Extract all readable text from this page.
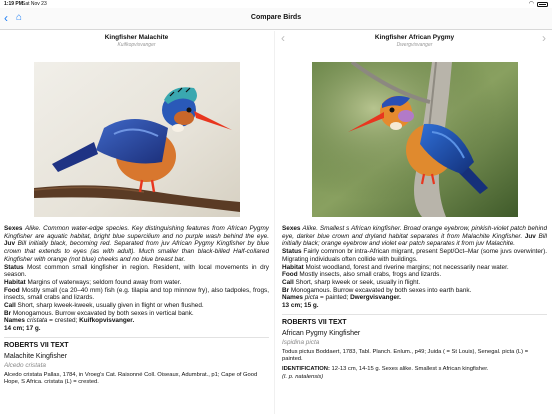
1:19 PM Sat Nov 23	◠
‹ ⌂	Compare Birds
‹	›
Kingfisher Malachite
Kuifkopvisvanger
Sexes Alike. Common water-edge species. Key distinguishing features from African Pygmy Kingfisher are aquatic habitat, bright blue supercilium and no purple wash behind the eye. Juv Bill initially black, becoming red. Separated from juv African Pygmy Kingfisher by blue crown that extends to eyes (as with adult). Much smaller than black-billed Half-collared Kingfisher with orange (not blue) cheeks and no blue breast bar.
Status Most common small kingfisher in region. Resident, with local movements in dry season.
Habitat Margins of waterways; seldom found away from water.
Food Mostly small (ca 20–40 mm) fish (e.g. tilapia and top minnow fry), also tadpoles, frogs, insects, small crabs and lizards.
Call Short, sharp kweek-kweek, usually given in flight or when flushed.
Br Monogamous. Burrow excavated by both sexes in vertical bank.
Names cristata = crested; Kuifkopvisvanger.
14 cm; 17 g.
ROBERTS VII TEXT
Malachite Kingfisher
Alcedo cristata
Alcedo cristata Pallas, 1784, in Vroeg's Cat. Raisonné Coll. Oiseaux, Adumbrat., p1; Cape of Good Hope, S Africa. cristata (L) = crested.
Kingfisher African Pygmy
Dwergvisvanger
Sexes Alike. Smallest s African kingfisher. Broad orange eyebrow, pinkish-violet patch behind eye, darker blue crown and dryland habitat separates it from Malachite Kingfisher. Juv Bill initially black; orange eyebrow and violet ear patch separates it from juv Malachite.
Status Fairly common br intra-African migrant, present Sept/Oct–Mar (some juvs overwinter). Migrating individuals often collide with buildings.
Habitat Moist woodland, forest and riverine margins; not necessarily near water.
Food Mostly insects, also small crabs, frogs and lizards.
Call Short, sharp kweek or seek, usually in flight.
Br Monogamous. Burrow excavated by both sexes into earth bank.
Names picta = painted; Dwergvisvanger.
13 cm; 15 g.
ROBERTS VII TEXT
African Pygmy Kingfisher
Ispidina picta
Todus pictus Boddaert, 1783, Tabl. Planch. Enlum., p49; Juida ( = St Louis), Senegal. picta (L) = painted.
IDENTIFICATION: 12-13 cm, 14-15 g. Sexes alike. Smallest s African kingfisher.
(I. p. natalensis)
